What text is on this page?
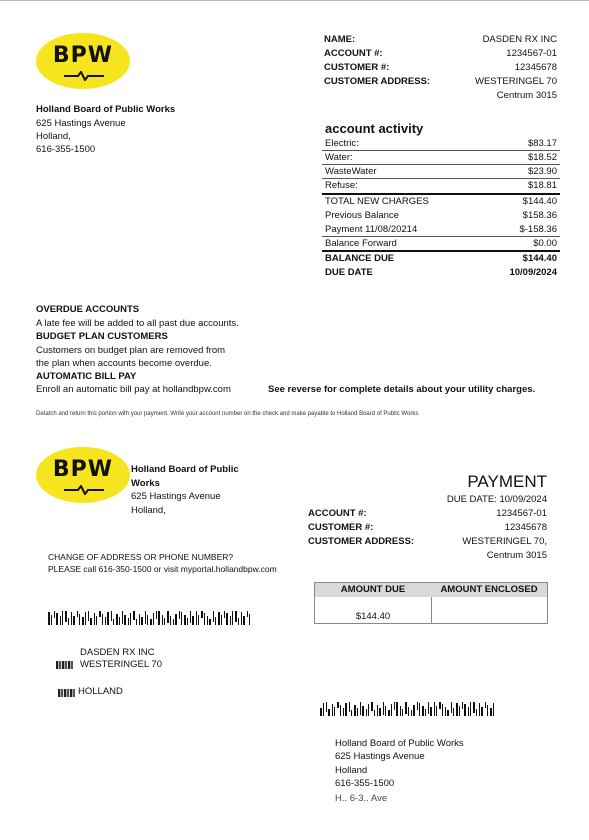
BPW
Holland Board of Public Works
625 Hastings Avenue
Holland,
616-355-1500
NAME:	DASDEN RX INC
ACCOUNT #:	1234567-01
CUSTOMER #:	12345678
CUSTOMER ADDRESS:	WESTERINGEL 70
Centrum 3015
account activity
Electric:	$83.17
Water:	$18.52
WasteWater	$23.90
Refuse:	$18.81
TOTAL NEW CHARGES	$144.40
Previous Balance	$158.36
Payment 11/08/20214	$-158.36
Balance Forward	$0.00
BALANCE DUE	$144.40
DUE DATE	10/09/2024
OVERDUE ACCOUNTS
A late fee will be added to all past due accounts.
BUDGET PLAN CUSTOMERS
Customers on budget plan are removed from
the plan when accounts become overdue.
AUTOMATIC BILL PAY
Enroll an automatic bill pay at hollandbpw.com	See reverse for complete details about your utility charges.
Detatch and return this portion with your payment. Write your account number on the check and make payable to Holland Board of Public Works
BPW	Holland Board of Public
Works
625 Hastings Avenue
Holland,
PAYMENT
DUE DATE: 10/09/2024
ACCOUNT #:	1234567-01
CUSTOMER #:	12345678
CUSTOMER ADDRESS:	WESTERINGEL 70,
Centrum 3015
CHANGE OF ADDRESS OR PHONE NUMBER?
PLEASE call 616-350-1500 or visit myportal.hollandbpw.com
AMOUNT DUE	AMOUNT ENCLOSED
$144.40
DASDEN RX INC
WESTERINGEL 70
HOLLAND
Holland Board of Public Works
625 Hastings Avenue
Holland
616-355-1500
H.. 6-3.. Ave
